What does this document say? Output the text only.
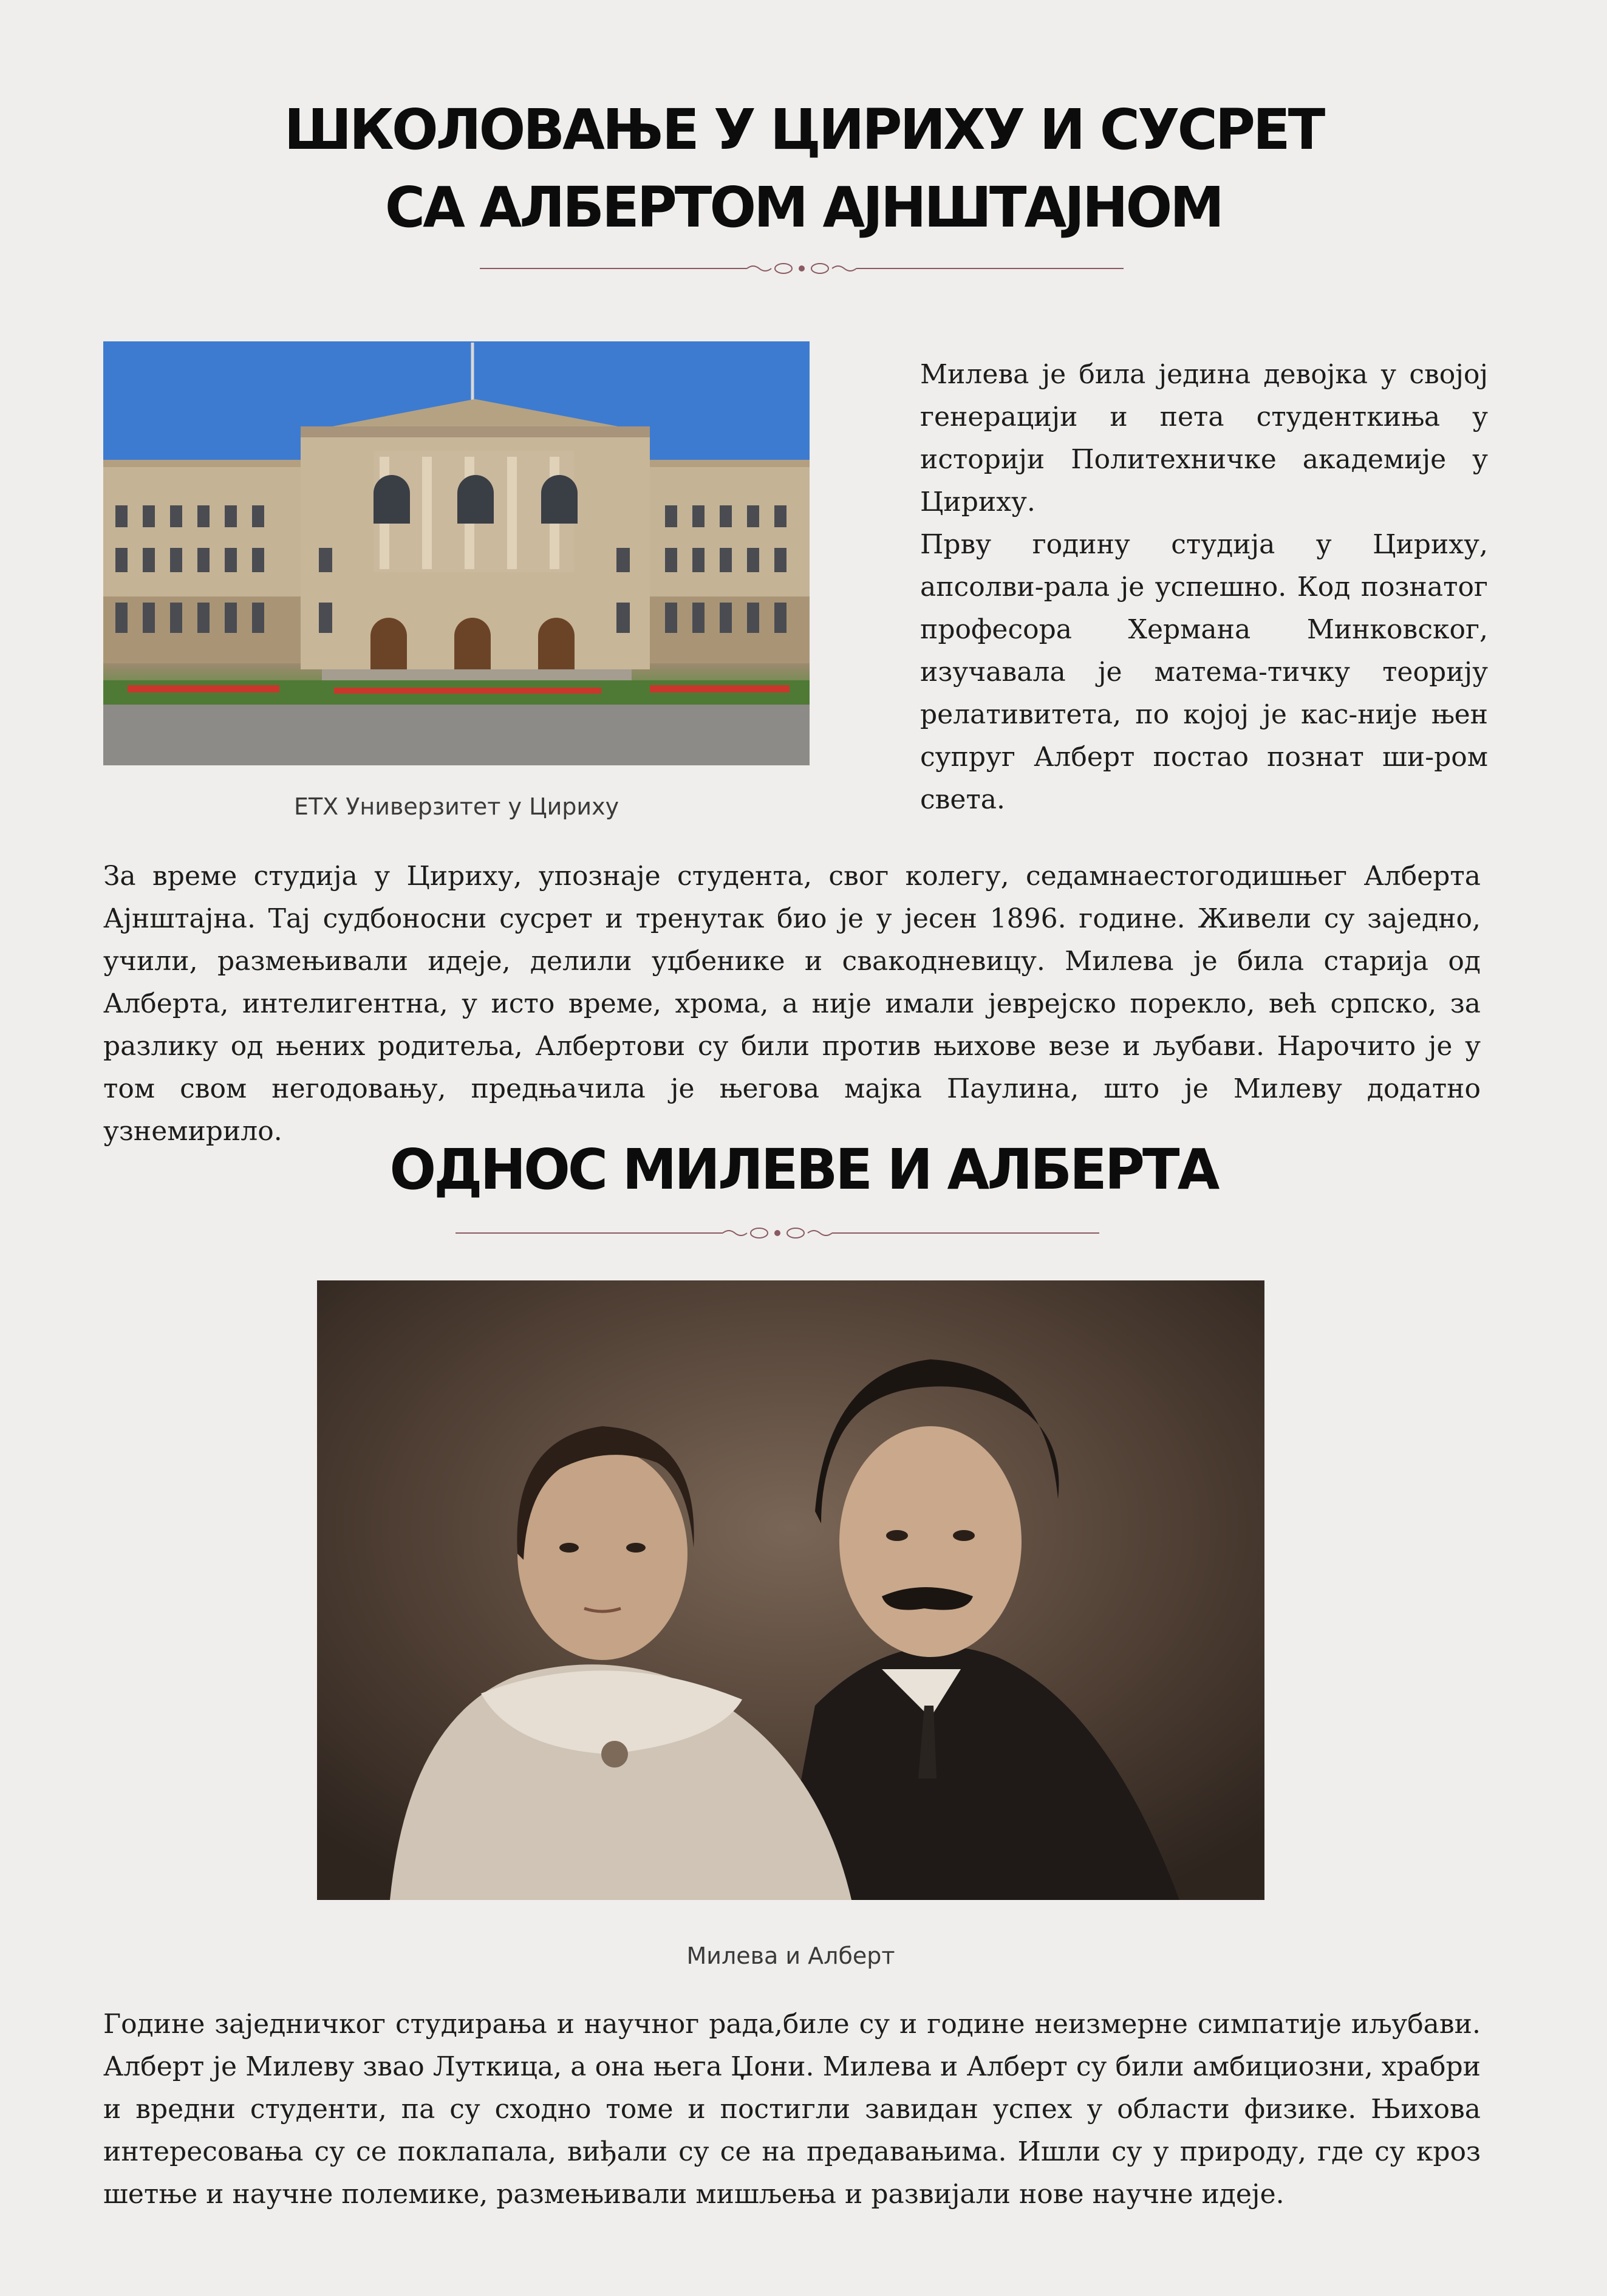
ШКОЛОВАЊЕ У ЦИРИХУ И СУСРЕТ
СА АЛБЕРТОМ АЈНШТАЈНОМ
ЕТХ Универзитет у Цириху

Милева је била једина девојка у својој генерацији и пета студенткиња у историји Политехничке академије у Цириху.

Прву годину студија у Цириху, апсолви-рала је успешно. Код познатог професора Хермана Минковског, изучавала је матема-тичку теорију релативитета, по којој је кас-није њен супруг Алберт постао познат ши-ром света.

За време студија у Цириху, упознаје студента, свог колегу, седамнаестогодишњег Алберта Ајнштајна. Тај судбоносни сусрет и тренутак био је у јесен 1896. године. Живели су заједно, учили, размењивали идеје, делили уџбенике и свакодневицу. Милева је била старија од Алберта, интелигентна, у исто време, хрома, а није имали јеврејско порекло, већ српско, за разлику од њених родитеља, Албертови су били против њихове везе и љубави. Нарочито је у том свом негодовању, предњачила је његова мајка Паулина, што је Милеву додатно узнемирило.

ОДНОС МИЛЕВЕ И АЛБЕРТА
Милева и Алберт

Године заједничког студирања и научног рада,биле су и године неизмерне симпатије иљубави. Алберт је Милеву звао Луткица, а она њега Џони. Милева и Алберт су били амбициозни, храбри и вредни студенти, па су сходно томе и постигли завидан успех у области физике. Њихова интересовања су се поклапала, виђали су се на предавањима. Ишли су у природу, где су кроз шетње и научне полемике, размењивали мишљења и развијали нове научне идеје.
